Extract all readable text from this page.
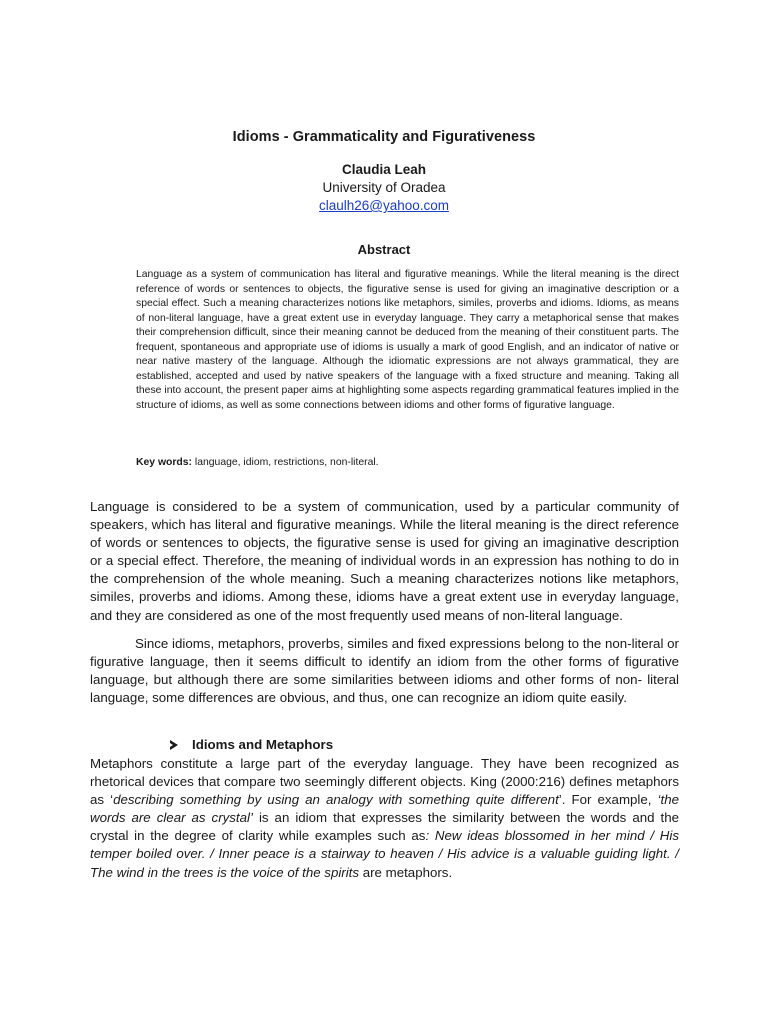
Idioms - Grammaticality and Figurativeness
Claudia Leah
University of Oradea
claulh26@yahoo.com
Abstract

Language as a system of communication has literal and figurative meanings. While the literal meaning is the direct reference of words or sentences to objects, the figurative sense is used for giving an imaginative description or a special effect. Such a meaning characterizes notions like metaphors, similes, proverbs and idioms. Idioms, as means of non-literal language, have a great extent use in everyday language. They carry a metaphorical sense that makes their comprehension difficult, since their meaning cannot be deduced from the meaning of their constituent parts. The frequent, spontaneous and appropriate use of idioms is usually a mark of good English, and an indicator of native or near native mastery of the language. Although the idiomatic expressions are not always grammatical, they are established, accepted and used by native speakers of the language with a fixed structure and meaning. Taking all these into account, the present paper aims at highlighting some aspects regarding grammatical features implied in the structure of idioms, as well as some connections between idioms and other forms of figurative language.

Key words: language, idiom, restrictions, non-literal.

Language is considered to be a system of communication, used by a particular community of speakers, which has literal and figurative meanings. While the literal meaning is the direct reference of words or sentences to objects, the figurative sense is used for giving an imaginative description or a special effect. Therefore, the meaning of individual words in an expression has nothing to do in the comprehension of the whole meaning. Such a meaning characterizes notions like metaphors, similes, proverbs and idioms. Among these, idioms have a great extent use in everyday language, and they are considered as one of the most frequently used means of non-literal language.

Since idioms, metaphors, proverbs, similes and fixed expressions belong to the non-literal or figurative language, then it seems difficult to identify an idiom from the other forms of figurative language, but although there are some similarities between idioms and other forms of non- literal language, some differences are obvious, and thus, one can recognize an idiom quite easily.

Idioms and Metaphors

Metaphors constitute a large part of the everyday language. They have been recognized as rhetorical devices that compare two seemingly different objects. King (2000:216) defines metaphors as ‘describing something by using an analogy with something quite different’. For example, ‘the words are clear as crystal’ is an idiom that expresses the similarity between the words and the crystal in the degree of clarity while examples such as: New ideas blossomed in her mind / His temper boiled over. / Inner peace is a stairway to heaven / His advice is a valuable guiding light. / The wind in the trees is the voice of the spirits are metaphors.
